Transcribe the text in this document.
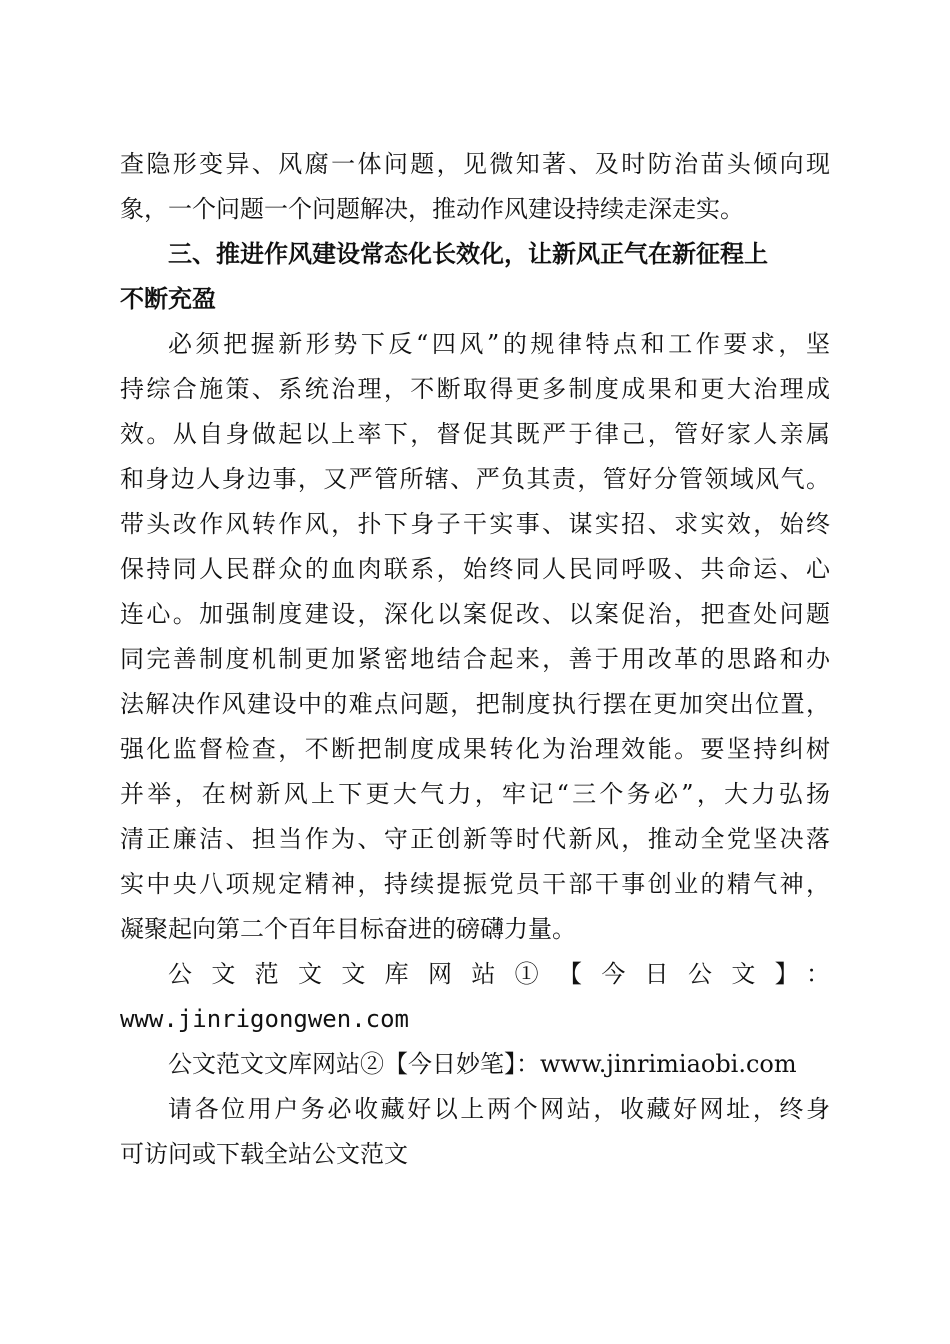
查隐形变异、风腐一体问题，见微知著、及时防治苗头倾向现
象，一个问题一个问题解决，推动作风建设持续走深走实。
三、推进作风建设常态化长效化，让新风正气在新征程上
不断充盈
必须把握新形势下反“四风”的规律特点和工作要求，坚
持综合施策、系统治理，不断取得更多制度成果和更大治理成
效。从自身做起以上率下，督促其既严于律己，管好家人亲属
和身边人身边事，又严管所辖、严负其责，管好分管领域风气。
带头改作风转作风，扑下身子干实事、谋实招、求实效，始终
保持同人民群众的血肉联系，始终同人民同呼吸、共命运、心
连心。加强制度建设，深化以案促改、以案促治，把查处问题
同完善制度机制更加紧密地结合起来，善于用改革的思路和办
法解决作风建设中的难点问题，把制度执行摆在更加突出位置，
强化监督检查，不断把制度成果转化为治理效能。要坚持纠树
并举，在树新风上下更大气力，牢记“三个务必”，大力弘扬
清正廉洁、担当作为、守正创新等时代新风，推动全党坚决落
实中央八项规定精神，持续提振党员干部干事创业的精气神，
凝聚起向第二个百年目标奋进的磅礴力量。
公文范文文库网站①【今日公文】：
www.jinrigongwen.com
公文范文文库网站②【今日妙笔】：www.jinrimiaobi.com
请各位用户务必收藏好以上两个网站，收藏好网址，终身
可访问或下载全站公文范文
